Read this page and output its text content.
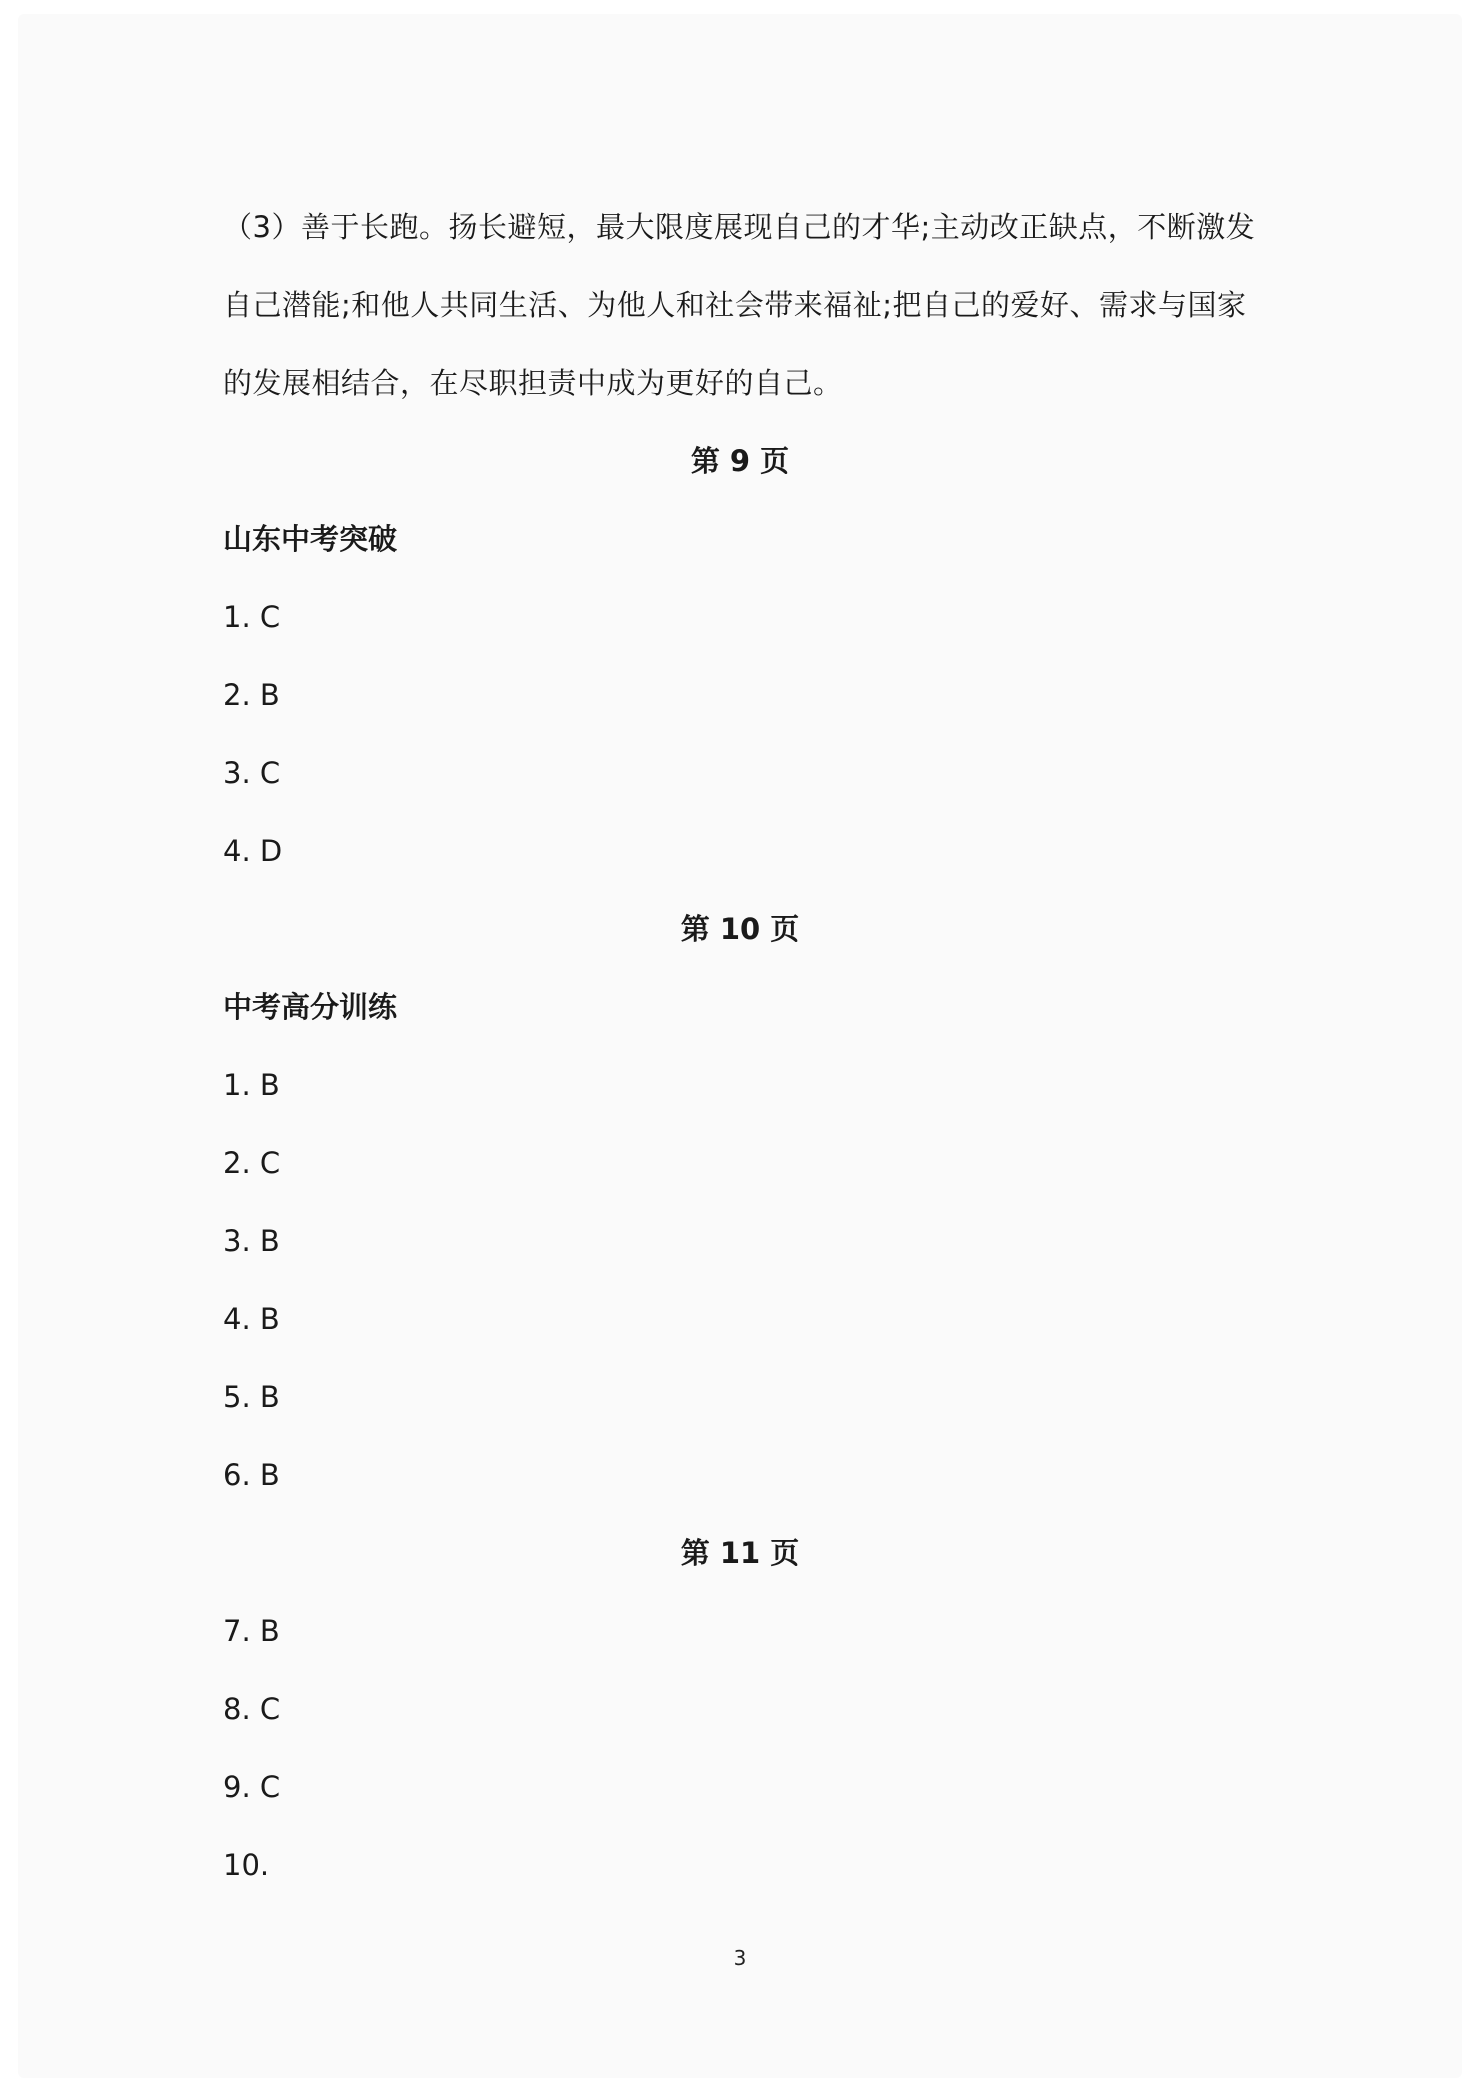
（3）善于长跑。扬长避短，最大限度展现自己的才华;主动改正缺点，不断激发

自己潜能;和他人共同生活、为他人和社会带来福祉;把自己的爱好、需求与国家

的发展相结合，在尽职担责中成为更好的自己。

第 9 页

山东中考突破

1. C

2. B

3. C

4. D

第 10 页

中考高分训练

1. B

2. C

3. B

4. B

5. B

6. B

第 11 页

7. B

8. C

9. C

10.

3
